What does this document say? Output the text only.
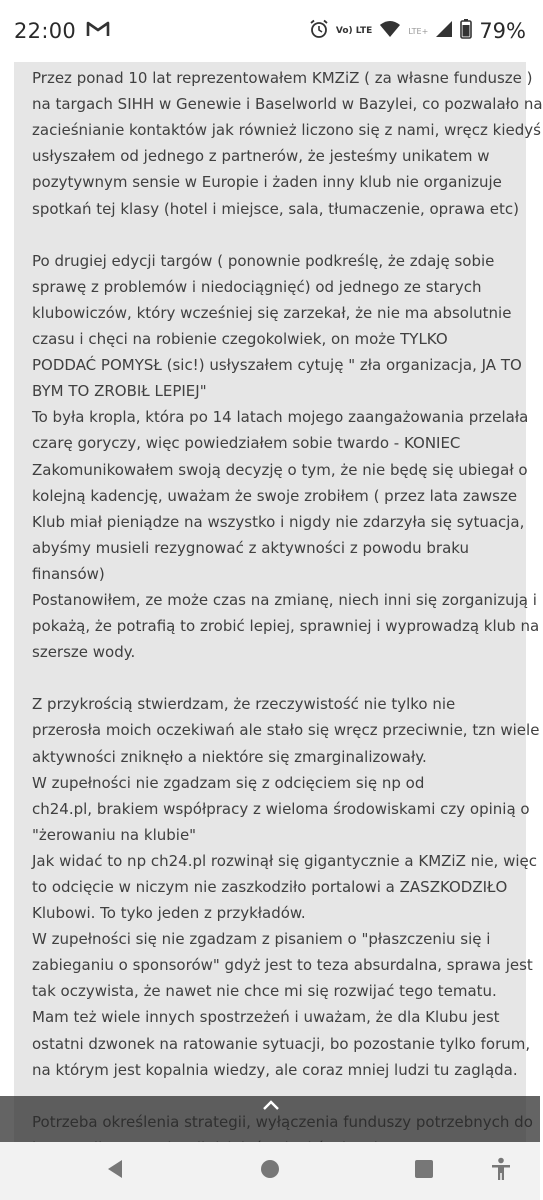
22:00	Vo) LTE	LTE+ 79%

Przez ponad 10 lat reprezentowałem KMZiZ ( za własne fundusze )

na targach SIHH w Genewie i Baselworld w Bazylei, co pozwalało na

zacieśnianie kontaktów jak również liczono się z nami, wręcz kiedyś

usłyszałem od jednego z partnerów, że jesteśmy unikatem w

pozytywnym sensie w Europie i żaden inny klub nie organizuje

spotkań tej klasy (hotel i miejsce, sala, tłumaczenie, oprawa etc)

Po drugiej edycji targów ( ponownie podkreślę, że zdaję sobie

sprawę z problemów i niedociągnięć) od jednego ze starych

klubowiczów, który wcześniej się zarzekał, że nie ma absolutnie

czasu i chęci na robienie czegokolwiek, on może TYLKO

PODDAĆ POMYSŁ (sic!) usłyszałem cytuję " zła organizacja, JA TO

BYM TO ZROBIŁ LEPIEJ"

To była kropla, która po 14 latach mojego zaangażowania przelała

czarę goryczy, więc powiedziałem sobie twardo - KONIEC

Zakomunikowałem swoją decyzję o tym, że nie będę się ubiegał o

kolejną kadencję, uważam że swoje zrobiłem ( przez lata zawsze

Klub miał pieniądze na wszystko i nigdy nie zdarzyła się sytuacja,

abyśmy musieli rezygnować z aktywności z powodu braku

finansów)

Postanowiłem, ze może czas na zmianę, niech inni się zorganizują i

pokażą, że potrafią to zrobić lepiej, sprawniej i wyprowadzą klub na

szersze wody.

Z przykrością stwierdzam, że rzeczywistość nie tylko nie

przerosła moich oczekiwań ale stało się wręcz przeciwnie, tzn wiele

aktywności zniknęło a niektóre się zmarginalizowały.

W zupełności nie zgadzam się z odcięciem się np od

ch24.pl, brakiem współpracy z wieloma środowiskami czy opinią o

"żerowaniu na klubie"

Jak widać to np ch24.pl rozwinął się gigantycznie a KMZiZ nie, więc

to odcięcie w niczym nie zaszkodziło portalowi a ZASZKODZIŁO

Klubowi. To tyko jeden z przykładów.

W zupełności się nie zgadzam z pisaniem o "płaszczeniu się i

zabieganiu o sponsorów" gdyż jest to teza absurdalna, sprawa jest

tak oczywista, że nawet nie chce mi się rozwijać tego tematu.

Mam też wiele innych spostrzeżeń i uważam, że dla Klubu jest

ostatni dzwonek na ratowanie sytuacji, bo pozostanie tylko forum,

na którym jest kopalnia wiedzy, ale coraz mniej ludzi tu zagląda.
